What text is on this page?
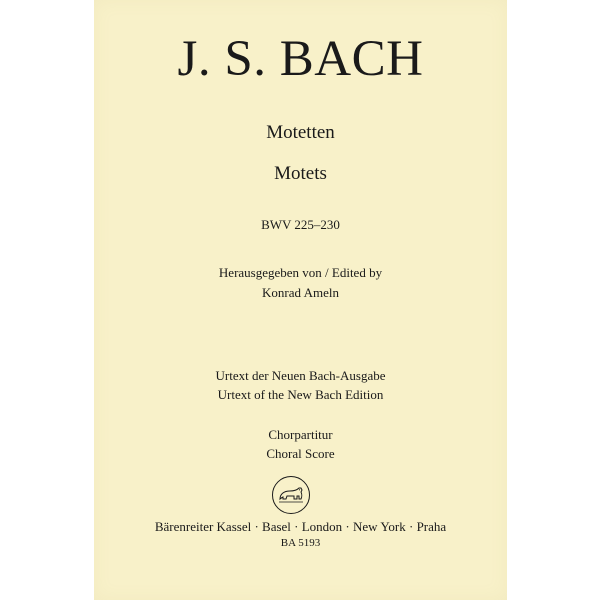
J. S. BACH
Motetten
Motets
BWV 225–230
Herausgegeben von / Edited by
Konrad Ameln
Urtext der Neuen Bach-Ausgabe
Urtext of the New Bach Edition
Chorpartitur
Choral Score
Bärenreiter Kassel · Basel · London · New York · Praha
BA 5193
